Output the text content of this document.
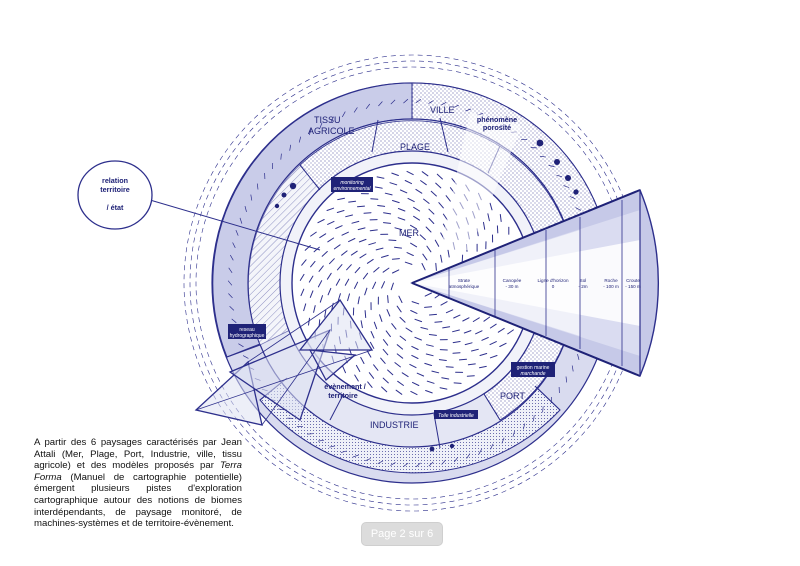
VILLE
PLAGE
MER
PORT
INDUSTRIE
TISSU
AGRICOLE
relation
territoire
/ état
phénomène
porosité
évènement /
territoire
monitoring
environnemental
reseau
hydrographique
gestion marine
marchande
Toile industrielle
Strate
atmosphérique
Canopée
- 30 m
Ligne d'horizon
0
Sol
- 2m
Roche
- 100 m
Croute
- 150 m

A partir des 6 paysages caractérisés par Jean Attali (Mer, Plage, Port, Industrie, ville, tissu agricole) et des modèles proposés par Terra Forma (Manuel de cartographie potentielle) émergent plusieurs pistes d'exploration cartographique autour des notions de biomes interdépendants, de paysage monitoré, de machines-systèmes et de territoire-évènement.

Page 2 sur 6
